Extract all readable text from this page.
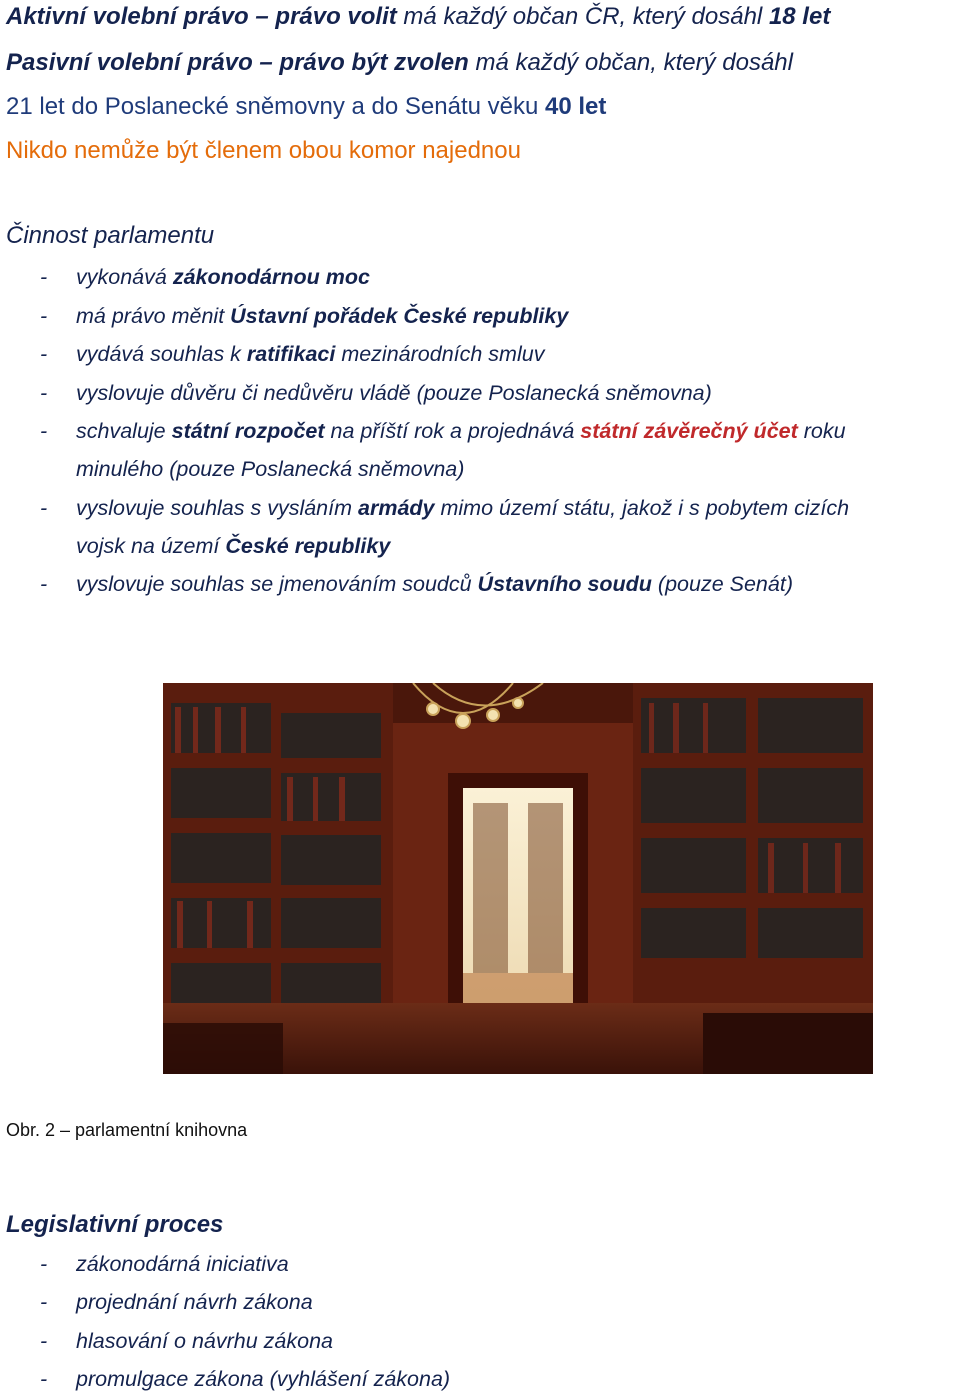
Aktivní volební právo – právo volit má každý občan ČR, který dosáhl 18 let
Pasivní volební právo – právo být zvolen má každý občan, který dosáhl
21 let do Poslanecké sněmovny a do Senátu věku 40 let
Nikdo nemůže být členem obou komor najednou
Činnost parlamentu
- vykonává zákonodárnou moc
- má právo měnit Ústavní pořádek České republiky
- vydává souhlas k ratifikaci mezinárodních smluv
- vyslovuje důvěru či nedůvěru vládě (pouze Poslanecká sněmovna)
- schvaluje státní rozpočet na příští rok a projednává státní závěrečný účet roku
minulého (pouze Poslanecká sněmovna)
- vyslovuje souhlas s vysláním armády mimo území státu, jakož i s pobytem cizích
vojsk na území České republiky
- vyslovuje souhlas se jmenováním soudců Ústavního soudu (pouze Senát)
Obr. 2 – parlamentní knihovna
Legislativní proces
- zákonodárná iniciativa
- projednání návrh zákona
- hlasování o návrhu zákona
- promulgace zákona (vyhlášení zákona)
